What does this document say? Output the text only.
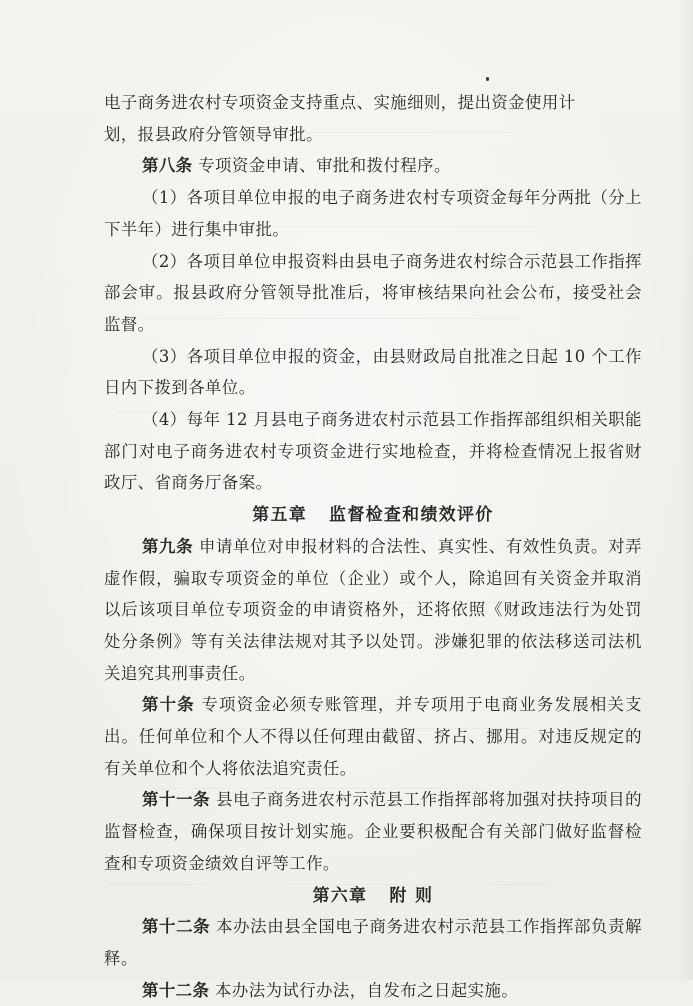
电子商务进农村专项资金支持重点、实施细则，提出资金使用计
划，报县政府分管领导审批。

第八条 专项资金申请、审批和拨付程序。

（1）各项目单位申报的电子商务进农村专项资金每年分两批（分上下半年）进行集中审批。

（2）各项目单位申报资料由县电子商务进农村综合示范县工作指挥部会审。报县政府分管领导批准后，将审核结果向社会公布，接受社会监督。

（3）各项目单位申报的资金，由县财政局自批准之日起 10 个工作日内下拨到各单位。

（4）每年 12 月县电子商务进农村示范县工作指挥部组织相关职能部门对电子商务进农村专项资金进行实地检查，并将检查情况上报省财政厅、省商务厅备案。

第五章 监督检查和绩效评价

第九条 申请单位对申报材料的合法性、真实性、有效性负责。对弄虚作假，骗取专项资金的单位（企业）或个人，除追回有关资金并取消以后该项目单位专项资金的申请资格外，还将依照《财政违法行为处罚处分条例》等有关法律法规对其予以处罚。涉嫌犯罪的依法移送司法机关追究其刑事责任。

第十条 专项资金必须专账管理，并专项用于电商业务发展相关支出。任何单位和个人不得以任何理由截留、挤占、挪用。对违反规定的有关单位和个人将依法追究责任。

第十一条 县电子商务进农村示范县工作指挥部将加强对扶持项目的监督检查，确保项目按计划实施。企业要积极配合有关部门做好监督检查和专项资金绩效自评等工作。

第六章 附 则

第十二条 本办法由县全国电子商务进农村示范县工作指挥部负责解释。

第十二条 本办法为试行办法，自发布之日起实施。
